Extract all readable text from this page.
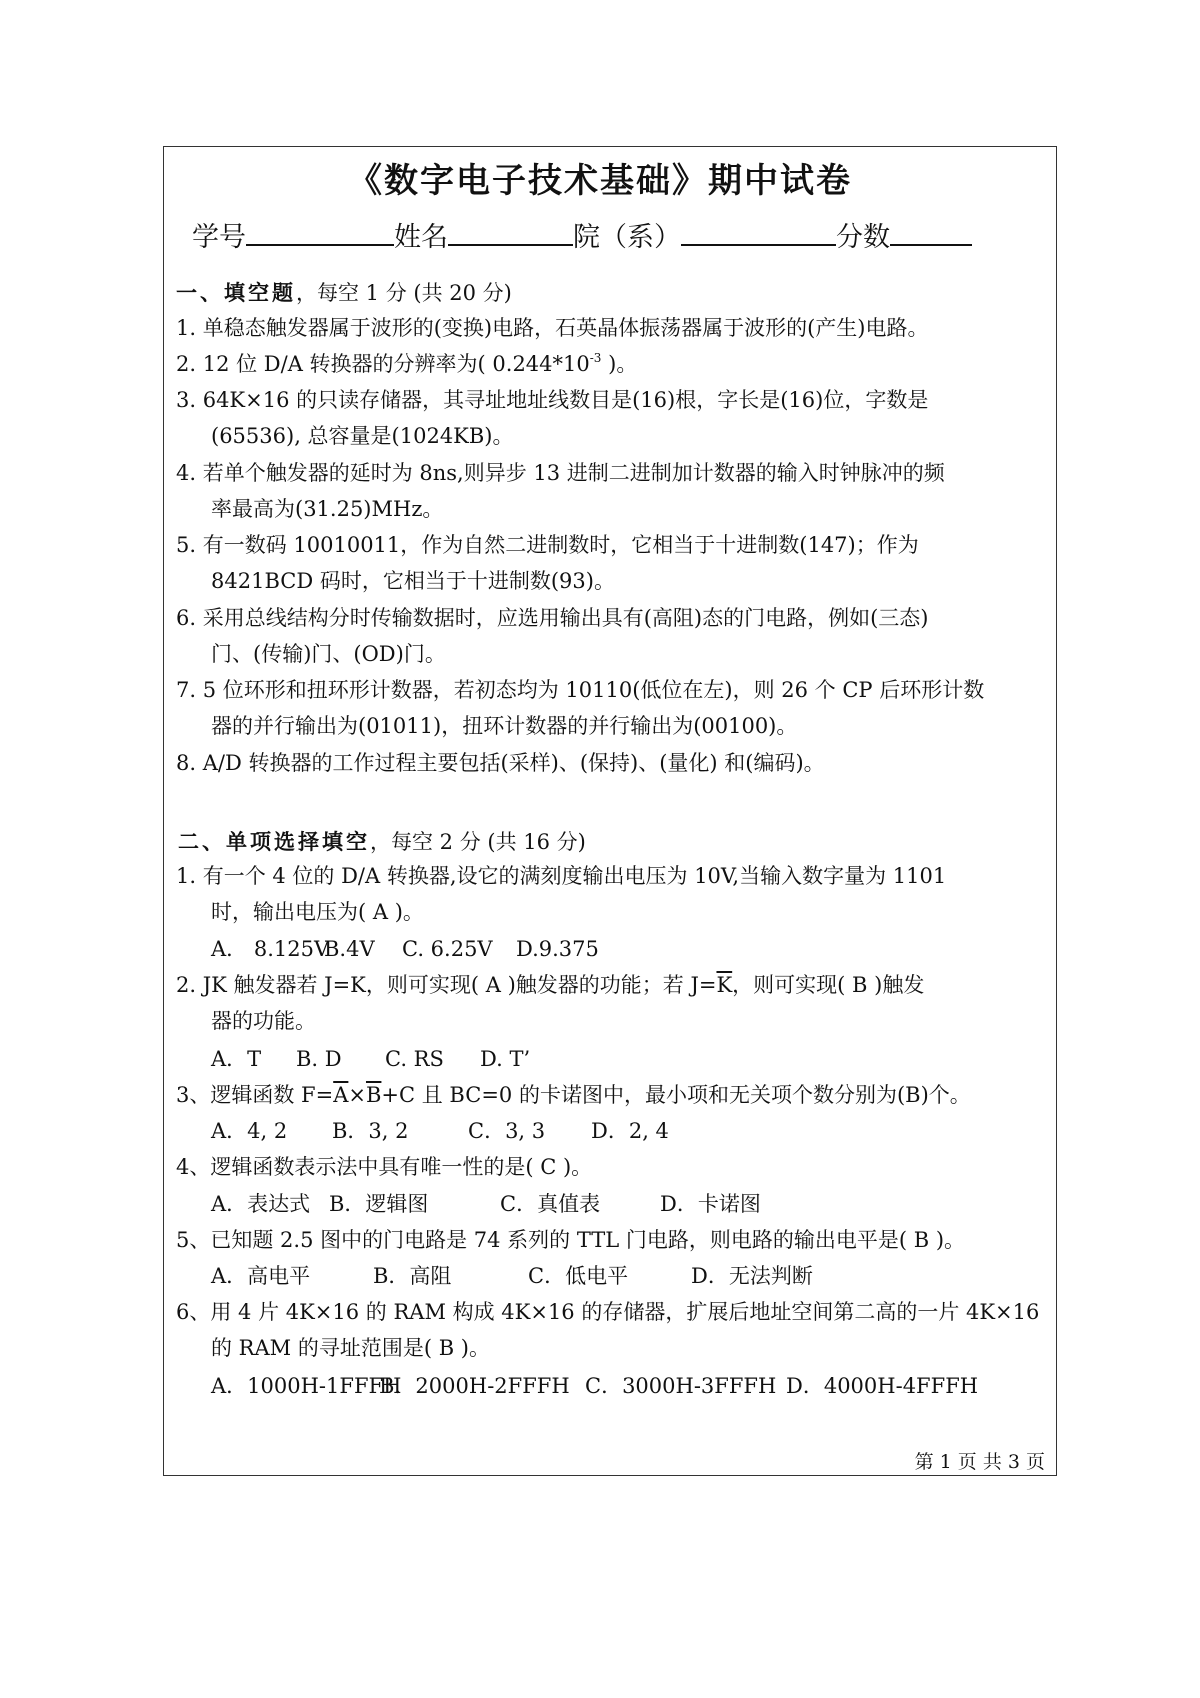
《数字电子技术基础》期中试卷
学号	姓名	院（系）	分数
一、填空题，每空 1 分 (共 20 分)
1. 单稳态触发器属于波形的(变换)电路，石英晶体振荡器属于波形的(产生)电路。
2. 12 位 D/A 转换器的分辨率为( $0.244*10^{-3}$ )。
3. 64K×16 的只读存储器，其寻址地址线数目是(16)根，字长是(16)位，字数是
(65536), 总容量是(1024KB)。
4. 若单个触发器的延时为 8ns,则异步 13 进制二进制加计数器的输入时钟脉冲的频
率最高为(31.25)MHz。
5. 有一数码 10010011，作为自然二进制数时，它相当于十进制数(147)；作为
8421BCD 码时，它相当于十进制数(93)。
6. 采用总线结构分时传输数据时，应选用输出具有(高阻)态的门电路，例如(三态)
门、(传输)门、(OD)门。
7. 5 位环形和扭环形计数器，若初态均为 10110(低位在左)，则 26 个 CP 后环形计数
器的并行输出为(01011)，扭环计数器的并行输出为(00100)。
8. A/D 转换器的工作过程主要包括(采样)、(保持)、(量化) 和(编码)。
二、单项选择填空，每空 2 分 (共 16 分)
1. 有一个 4 位的 D/A 转换器,设它的满刻度输出电压为 10V,当输入数字量为 1101
时，输出电压为( A )。
A． 8.125VB.4V C. 6.25V D.9.375
2. JK 触发器若 J=K，则可实现( A )触发器的功能；若 $J=\overline{K}$，则可实现( B )触发
器的功能。
A．T B. D C. RS D. T’
3、逻辑函数 $F=\overline{A}\times\overline{B}+C$ 且 BC=0 的卡诺图中，最小项和无关项个数分别为(B)个。
A．4, 2 B．3, 2	C．3, 3 D．2, 4
4、逻辑函数表示法中具有唯一性的是( C )。
A．表达式 B．逻辑图	C．真值表	D．卡诺图
5、已知题 2.5 图中的门电路是 74 系列的 TTL 门电路，则电路的输出电平是( B )。
A．高电平	B．高阻	C．低电平	D．无法判断
6、用 4 片 4K×16 的 RAM 构成 4K×16 的存储器，扩展后地址空间第二高的一片 4K×16
的 RAM 的寻址范围是( B )。
A．1000H-1FFFHB．2000H-2FFFH C．3000H-3FFFH D．4000H-4FFFH
第 1 页 共 3 页
